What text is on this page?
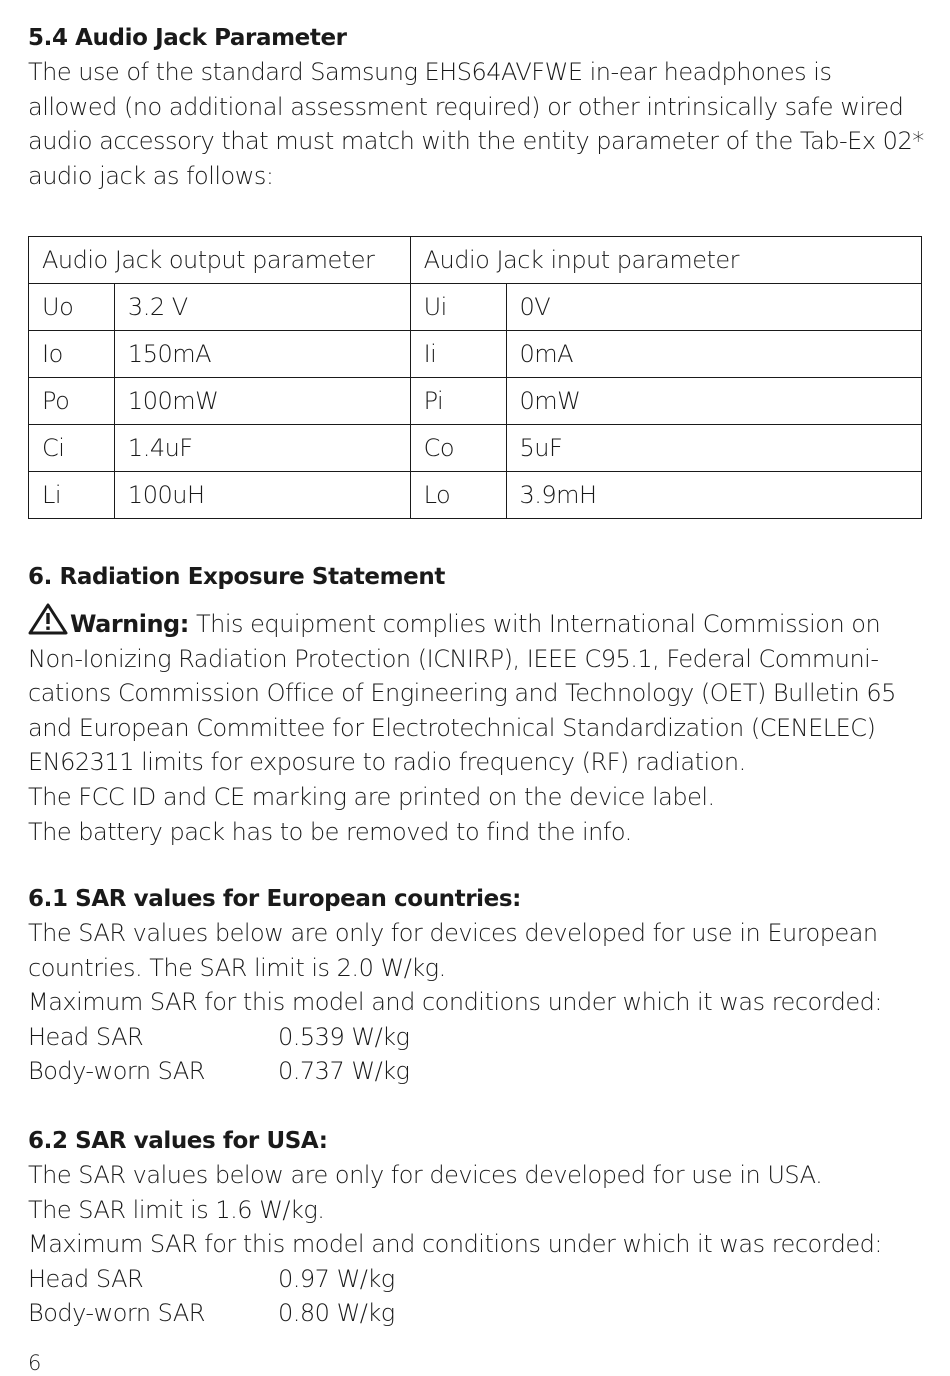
5.4 Audio Jack Parameter

The use of the standard Samsung EHS64AVFWE in-ear headphones is

allowed (no additional assessment required) or other intrinsically safe wired

audio accessory that must match with the entity parameter of the Tab-Ex 02*

audio jack as follows:

Audio Jack output parameter		Audio Jack input parameter	
Uo	3.2 V	Ui	0V
Io	150mA	Ii	0mA
Po	100mW	Pi	0mW
Ci	1.4uF	Co	5uF
Li	100uH	Lo	3.9mH
6. Radiation Exposure Statement

Warning: This equipment complies with International Commission on

Non-Ionizing Radiation Protection (ICNIRP), IEEE C95.1, Federal Communi-

cations Commission Office of Engineering and Technology (OET) Bulletin 65

and European Committee for Electrotechnical Standardization (CENELEC)

EN62311 limits for exposure to radio frequency (RF) radiation.

The FCC ID and CE marking are printed on the device label.

The battery pack has to be removed to find the info.

6.1 SAR values for European countries:

The SAR values below are only for devices developed for use in European

countries. The SAR limit is 2.0 W/kg.

Maximum SAR for this model and conditions under which it was recorded:

Head SAR	0.539 W/kg
Body-worn SAR	0.737 W/kg
6.2 SAR values for USA:

The SAR values below are only for devices developed for use in USA.

The SAR limit is 1.6 W/kg.

Maximum SAR for this model and conditions under which it was recorded:

Head SAR	0.97 W/kg
Body-worn SAR	0.80 W/kg
6
